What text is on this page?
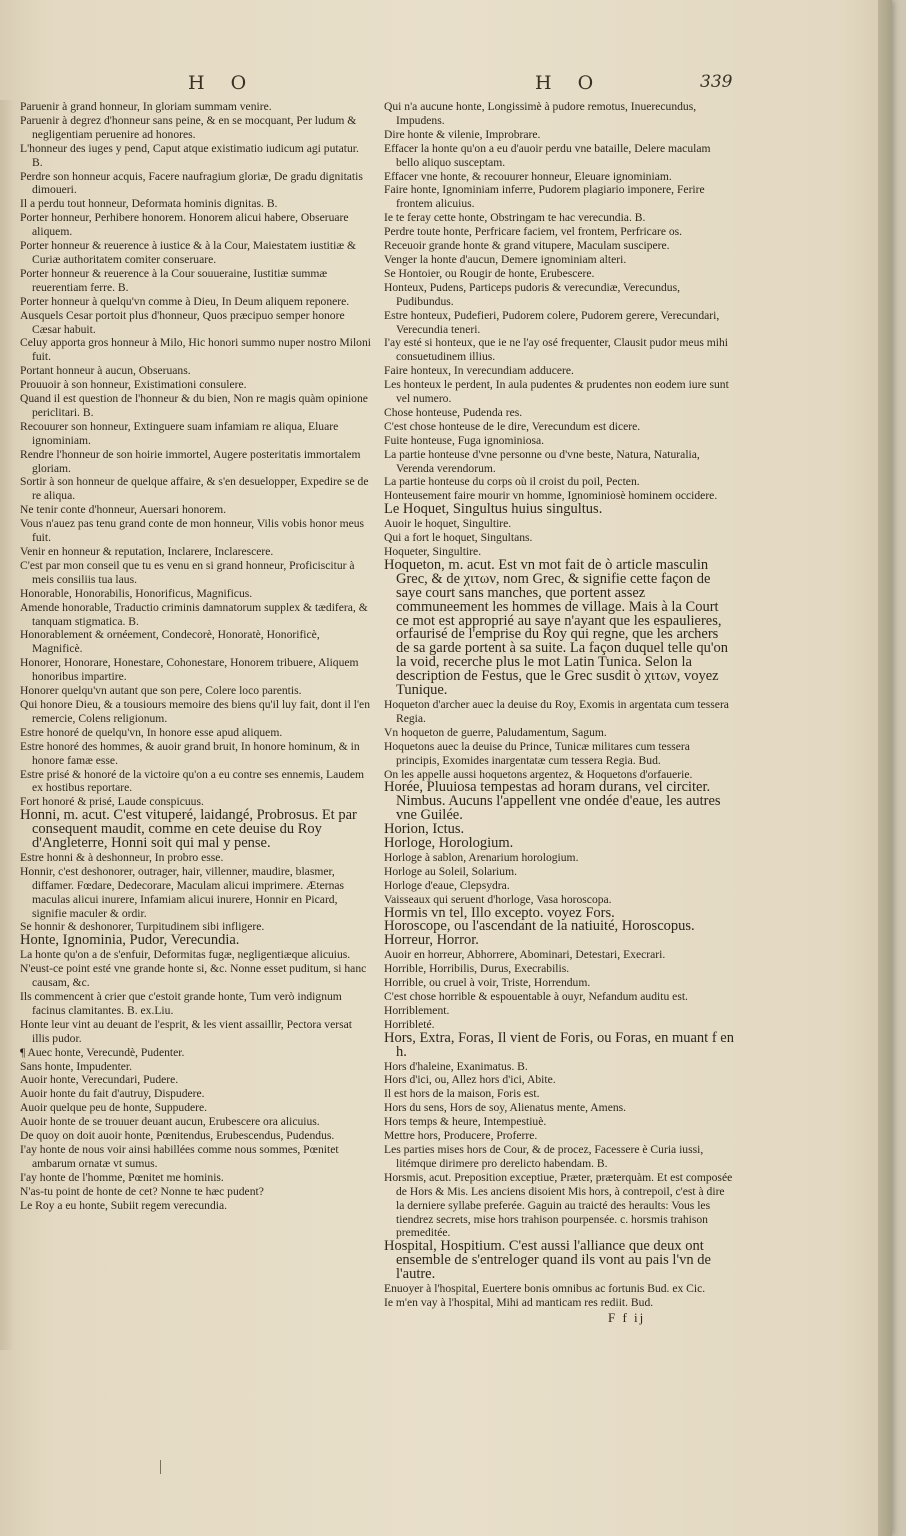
H O	H O	339

Paruenir à grand honneur, In gloriam summam venire.

Paruenir à degrez d'honneur sans peine, & en se mocquant, Per ludum & negligentiam peruenire ad honores.

L'honneur des iuges y pend, Caput atque existimatio iudicum agi putatur. B.

Perdre son honneur acquis, Facere naufragium gloriæ, De gradu dignitatis dimoueri.

Il a perdu tout honneur, Deformata hominis dignitas. B.

Porter honneur, Perhibere honorem. Honorem alicui habere, Obseruare aliquem.

Porter honneur & reuerence à iustice & à la Cour, Maiestatem iustitiæ & Curiæ authoritatem comiter conseruare.

Porter honneur & reuerence à la Cour souueraine, Iustitiæ summæ reuerentiam ferre. B.

Porter honneur à quelqu'vn comme à Dieu, In Deum aliquem reponere.

Ausquels Cesar portoit plus d'honneur, Quos præcipuo semper honore Cæsar habuit.

Celuy apporta gros honneur à Milo, Hic honori summo nuper nostro Miloni fuit.

Portant honneur à aucun, Obseruans.

Prouuoir à son honneur, Existimationi consulere.

Quand il est question de l'honneur & du bien, Non re magis quàm opinione periclitari. B.

Recouurer son honneur, Extinguere suam infamiam re aliqua, Eluare ignominiam.

Rendre l'honneur de son hoirie immortel, Augere posteritatis immortalem gloriam.

Sortir à son honneur de quelque affaire, & s'en desuelopper, Expedire se de re aliqua.

Ne tenir conte d'honneur, Auersari honorem.

Vous n'auez pas tenu grand conte de mon honneur, Vilis vobis honor meus fuit.

Venir en honneur & reputation, Inclarere, Inclarescere.

C'est par mon conseil que tu es venu en si grand honneur, Proficiscitur à meis consiliis tua laus.

Honorable, Honorabilis, Honorificus, Magnificus.

Amende honorable, Traductio criminis damnatorum supplex & tædifera, & tanquam stigmatica. B.

Honorablement & ornéement, Condecorè, Honoratè, Honorificè, Magnificè.

Honorer, Honorare, Honestare, Cohonestare, Honorem tribuere, Aliquem honoribus impartire.

Honorer quelqu'vn autant que son pere, Colere loco parentis.

Qui honore Dieu, & a tousiours memoire des biens qu'il luy fait, dont il l'en remercie, Colens religionum.

Estre honoré de quelqu'vn, In honore esse apud aliquem.

Estre honoré des hommes, & auoir grand bruit, In honore hominum, & in honore famæ esse.

Estre prisé & honoré de la victoire qu'on a eu contre ses ennemis, Laudem ex hostibus reportare.

Fort honoré & prisé, Laude conspicuus.

Honni, m. acut. C'est vituperé, laidangé, Probrosus. Et par consequent maudit, comme en cete deuise du Roy d'Angleterre, Honni soit qui mal y pense.

Estre honni & à deshonneur, In probro esse.

Honnir, c'est deshonorer, outrager, hair, villenner, maudire, blasmer, diffamer. Fœdare, Dedecorare, Maculam alicui imprimere. Æternas maculas alicui inurere, Infamiam alicui inurere, Honnir en Picard, signifie maculer & ordir.

Se honnir & deshonorer, Turpitudinem sibi infligere.

Honte, Ignominia, Pudor, Verecundia.

La honte qu'on a de s'enfuir, Deformitas fugæ, negligentiæque alicuius.

N'eust-ce point esté vne grande honte si, &c. Nonne esset puditum, si hanc causam, &c.

Ils commencent à crier que c'estoit grande honte, Tum verò indignum facinus clamitantes. B. ex.Liu.

Honte leur vint au deuant de l'esprit, & les vient assaillir, Pectora versat illis pudor.

¶ Auec honte, Verecundè, Pudenter.

Sans honte, Impudenter.

Auoir honte, Verecundari, Pudere.

Auoir honte du fait d'autruy, Dispudere.

Auoir quelque peu de honte, Suppudere.

Auoir honte de se trouuer deuant aucun, Erubescere ora alicuius.

De quoy on doit auoir honte, Pœnitendus, Erubescendus, Pudendus.

I'ay honte de nous voir ainsi habillées comme nous sommes, Pœnitet ambarum ornatæ vt sumus.

I'ay honte de l'homme, Pœnitet me hominis.

N'as-tu point de honte de cet? Nonne te hæc pudent?

Le Roy a eu honte, Subiit regem verecundia.

Qui n'a aucune honte, Longissimè à pudore remotus, Inuerecundus, Impudens.

Dire honte & vilenie, Improbrare.

Effacer la honte qu'on a eu d'auoir perdu vne bataille, Delere maculam bello aliquo susceptam.

Effacer vne honte, & recouurer honneur, Eleuare ignominiam.

Faire honte, Ignominiam inferre, Pudorem plagiario imponere, Ferire frontem alicuius.

Ie te feray cette honte, Obstringam te hac verecundia. B.

Perdre toute honte, Perfricare faciem, vel frontem, Perfricare os.

Receuoir grande honte & grand vitupere, Maculam suscipere.

Venger la honte d'aucun, Demere ignominiam alteri.

Se Hontoier, ou Rougir de honte, Erubescere.

Honteux, Pudens, Particeps pudoris & verecundiæ, Verecundus, Pudibundus.

Estre honteux, Pudefieri, Pudorem colere, Pudorem gerere, Verecundari, Verecundia teneri.

I'ay esté si honteux, que ie ne l'ay osé frequenter, Clausit pudor meus mihi consuetudinem illius.

Faire honteux, In verecundiam adducere.

Les honteux le perdent, In aula pudentes & prudentes non eodem iure sunt vel numero.

Chose honteuse, Pudenda res.

C'est chose honteuse de le dire, Verecundum est dicere.

Fuite honteuse, Fuga ignominiosa.

La partie honteuse d'vne personne ou d'vne beste, Natura, Naturalia, Verenda verendorum.

La partie honteuse du corps où il croist du poil, Pecten.

Honteusement faire mourir vn homme, Ignominiosè hominem occidere.

Le Hoquet, Singultus huius singultus.

Auoir le hoquet, Singultire.

Qui a fort le hoquet, Singultans.

Hoqueter, Singultire.

Hoqueton, m. acut. Est vn mot fait de ò article masculin Grec, & de χιτων, nom Grec, & signifie cette façon de saye court sans manches, que portent assez communeement les hommes de village. Mais à la Court ce mot est approprié au saye n'ayant que les espaulieres, orfaurisé de l'emprise du Roy qui regne, que les archers de sa garde portent à sa suite. La façon duquel telle qu'on la void, recerche plus le mot Latin Tunica. Selon la description de Festus, que le Grec susdit ò χιτων, voyez Tunique.

Hoqueton d'archer auec la deuise du Roy, Exomis in argentata cum tessera Regia.

Vn hoqueton de guerre, Paludamentum, Sagum.

Hoquetons auec la deuise du Prince, Tunicæ militares cum tessera principis, Exomides inargentatæ cum tessera Regia. Bud.

On les appelle aussi hoquetons argentez, & Hoquetons d'orfauerie.

Horée, Pluuiosa tempestas ad horam durans, vel circiter. Nimbus. Aucuns l'appellent vne ondée d'eaue, les autres vne Guilée.

Horion, Ictus.

Horloge, Horologium.

Horloge à sablon, Arenarium horologium.

Horloge au Soleil, Solarium.

Horloge d'eaue, Clepsydra.

Vaisseaux qui seruent d'horloge, Vasa horoscopa.

Hormis vn tel, Illo excepto. voyez Fors.

Horoscope, ou l'ascendant de la natiuité, Horoscopus.

Horreur, Horror.

Auoir en horreur, Abhorrere, Abominari, Detestari, Execrari.

Horrible, Horribilis, Durus, Execrabilis.

Horrible, ou cruel à voir, Triste, Horrendum.

C'est chose horrible & espouentable à ouyr, Nefandum auditu est.

Horriblement.

Horribleté.

Hors, Extra, Foras, Il vient de Foris, ou Foras, en muant f en h.

Hors d'haleine, Exanimatus. B.

Hors d'ici, ou, Allez hors d'ici, Abite.

Il est hors de la maison, Foris est.

Hors du sens, Hors de soy, Alienatus mente, Amens.

Hors temps & heure, Intempestiuè.

Mettre hors, Producere, Proferre.

Les parties mises hors de Cour, & de procez, Facessere è Curia iussi, litémque dirimere pro derelicto habendam. B.

Horsmis, acut. Preposition exceptiue, Præter, præterquàm. Et est composée de Hors & Mis. Les anciens disoient Mis hors, à contrepoil, c'est à dire la derniere syllabe preferée. Gaguin au traicté des heraults: Vous les tiendrez secrets, mise hors trahison pourpensée. c. horsmis trahison premeditée.

Hospital, Hospitium. C'est aussi l'alliance que deux ont ensemble de s'entreloger quand ils vont au pais l'vn de l'autre.

Enuoyer à l'hospital, Euertere bonis omnibus ac fortunis Bud. ex Cic.

Ie m'en vay à l'hospital, Mihi ad manticam res rediit. Bud.

F f ij
